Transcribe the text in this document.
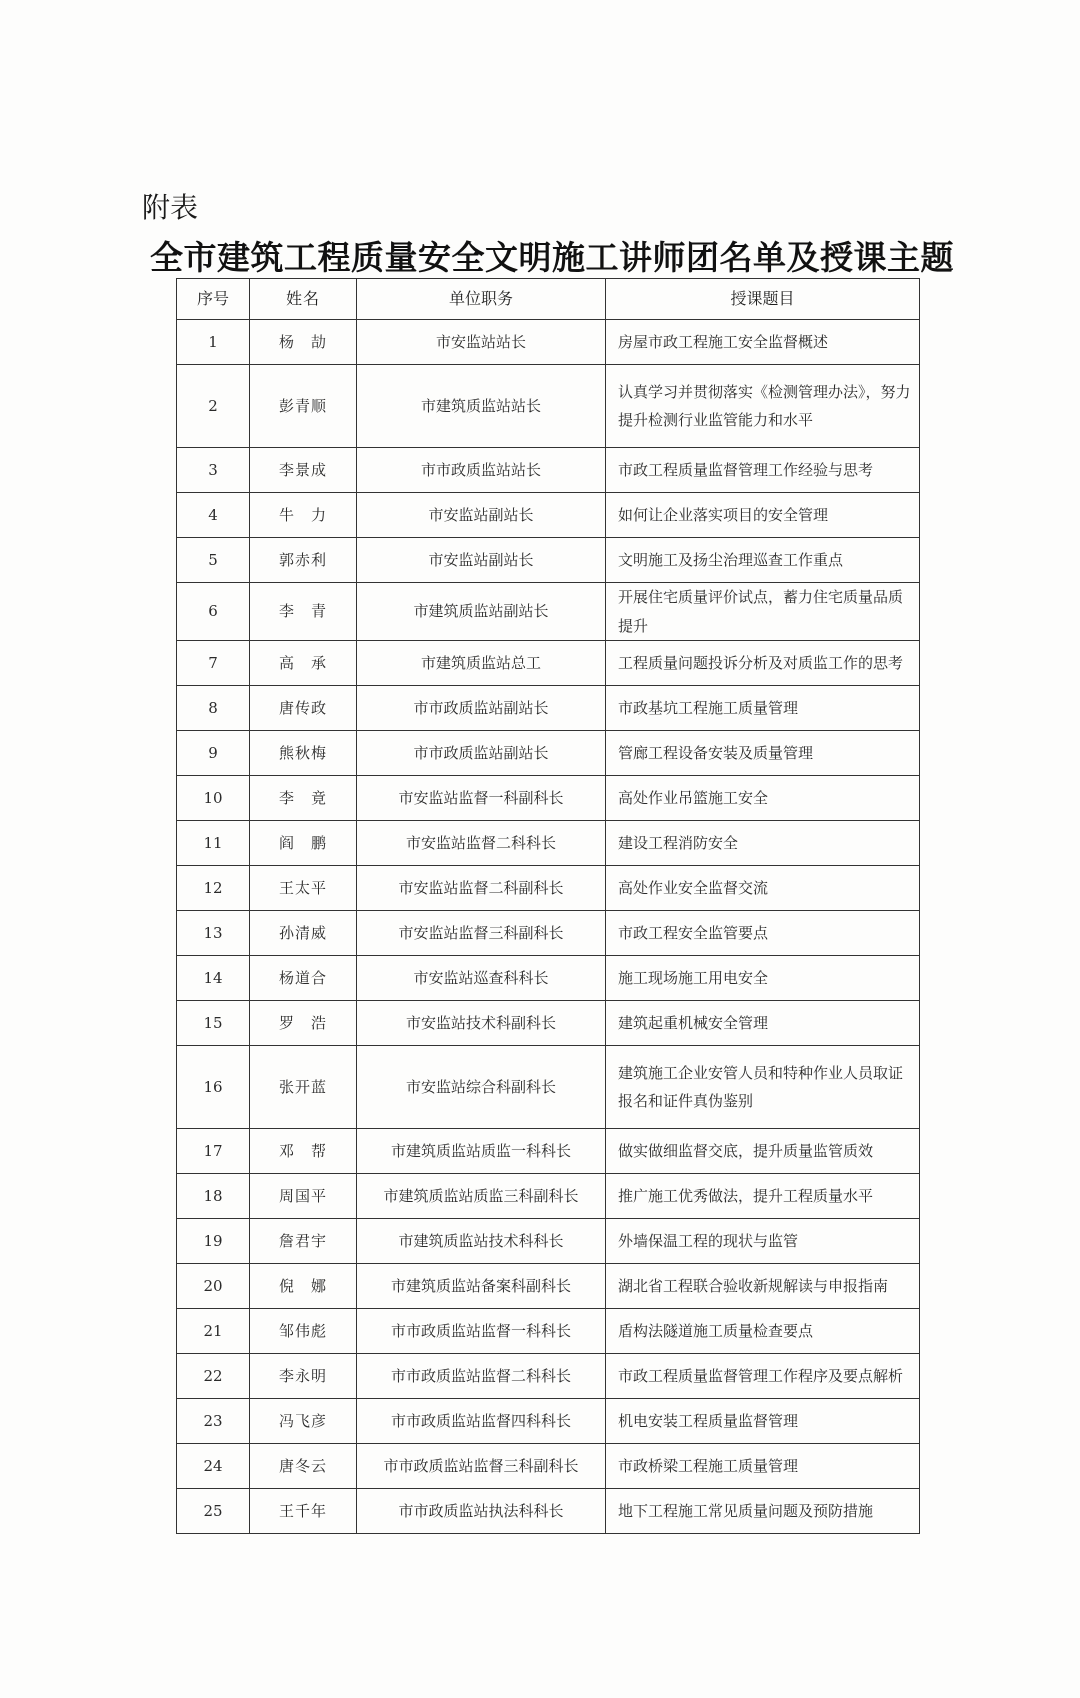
附表
全市建筑工程质量安全文明施工讲师团名单及授课主题
序号	姓名	单位职务	授课题目
1	杨　劼	市安监站站长	房屋市政工程施工安全监督概述
2	彭青顺	市建筑质监站站长	认真学习并贯彻落实《检测管理办法》，努力提升检测行业监管能力和水平
3	李景成	市市政质监站站长	市政工程质量监督管理工作经验与思考
4	牛　力	市安监站副站长	如何让企业落实项目的安全管理
5	郭赤利	市安监站副站长	文明施工及扬尘治理巡查工作重点
6	李　青	市建筑质监站副站长	开展住宅质量评价试点，蓄力住宅质量品质提升
7	高　承	市建筑质监站总工	工程质量问题投诉分析及对质监工作的思考
8	唐传政	市市政质监站副站长	市政基坑工程施工质量管理
9	熊秋梅	市市政质监站副站长	管廊工程设备安装及质量管理
10	李　竟	市安监站监督一科副科长	高处作业吊篮施工安全
11	阎　鹏	市安监站监督二科科长	建设工程消防安全
12	王太平	市安监站监督二科副科长	高处作业安全监督交流
13	孙清威	市安监站监督三科副科长	市政工程安全监管要点
14	杨道合	市安监站巡查科科长	施工现场施工用电安全
15	罗　浩	市安监站技术科副科长	建筑起重机械安全管理
16	张开蓝	市安监站综合科副科长	建筑施工企业安管人员和特种作业人员取证报名和证件真伪鉴别
17	邓　帮	市建筑质监站质监一科科长	做实做细监督交底，提升质量监管质效
18	周国平	市建筑质监站质监三科副科长	推广施工优秀做法，提升工程质量水平
19	詹君宇	市建筑质监站技术科科长	外墙保温工程的现状与监管
20	倪　娜	市建筑质监站备案科副科长	湖北省工程联合验收新规解读与申报指南
21	邹伟彪	市市政质监站监督一科科长	盾构法隧道施工质量检查要点
22	李永明	市市政质监站监督二科科长	市政工程质量监督管理工作程序及要点解析
23	冯飞彦	市市政质监站监督四科科长	机电安装工程质量监督管理
24	唐冬云	市市政质监站监督三科副科长	市政桥梁工程施工质量管理
25	王千年	市市政质监站执法科科长	地下工程施工常见质量问题及预防措施
